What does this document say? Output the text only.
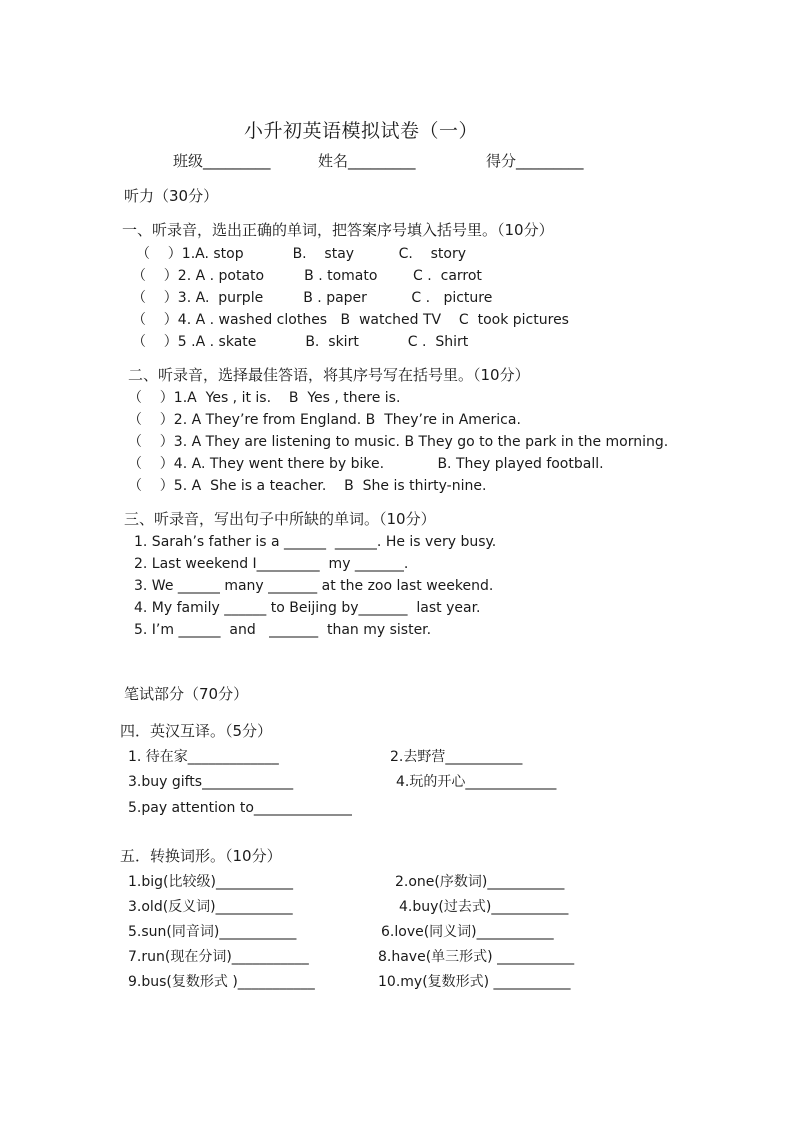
小升初英语模拟试卷（一）
班级_________	姓名_________	得分_________
听力（30分）
一、听录音，选出正确的单词，把答案序号填入括号里。（10分）
（    ）1.A. stop           B.    stay          C.    story
（    ）2. A . potato         B . tomato        C .  carrot
（    ）3. A.  purple         B . paper          C .   picture
（    ）4. A . washed clothes   B  watched TV    C  took pictures
（    ）5 .A . skate           B.  skirt           C .  Shirt
二、听录音，选择最佳答语，将其序号写在括号里。（10分）
（    ）1.A  Yes , it is.    B  Yes , there is.
（    ）2. A They’re from England. B  They’re in America.
（    ）3. A They are listening to music. B They go to the park in the morning.
（    ）4. A. They went there by bike.            B. They played football.
（    ）5. A  She is a teacher.    B  She is thirty-nine.
三、听录音，写出句子中所缺的单词。（10分）
1. Sarah’s father is a ______  ______. He is very busy.
2. Last weekend I_________  my _______.
3. We ______ many _______ at the zoo last weekend.
4. My family ______ to Beijing by_______  last year.
5. I’m ______  and   _______  than my sister.
笔试部分（70分）
四．英汉互译。（5分）
1. 待在家_____________	2.去野营___________
3.buy gifts_____________	4.玩的开心_____________
5.pay attention to______________
五．转换词形。（10分）
1.big(比较级)___________	2.one(序数词)___________
3.old(反义词)___________	4.buy(过去式)___________
5.sun(同音词)___________	6.love(同义词)___________
7.run(现在分词)___________	8.have(单三形式) ___________
9.bus(复数形式 )___________	10.my(复数形式) ___________
